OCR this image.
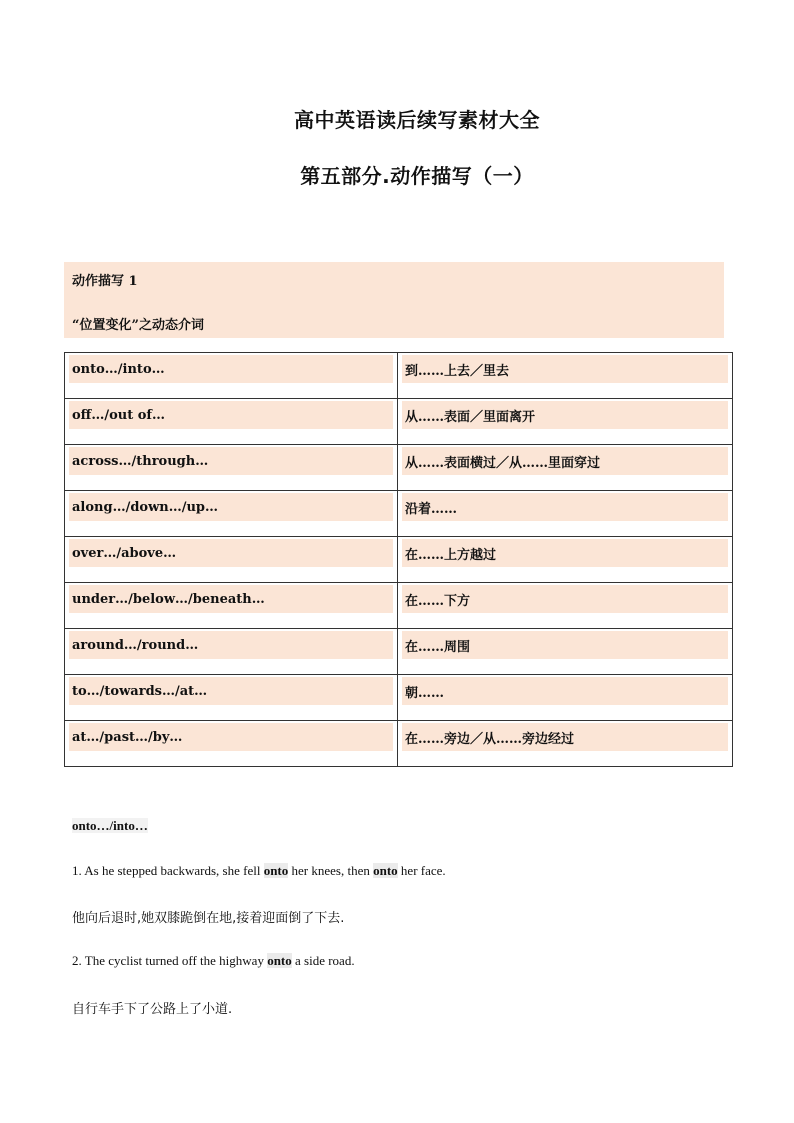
高中英语读后续写素材大全
第五部分.动作描写（一）
动作描写 1
“位置变化”之动态介词
onto…/into…	到……上去／里去

off…/out of…	从……表面／里面离开

across…/through…	从……表面横过／从……里面穿过

along…/down…/up…	沿着……

over…/above…	在……上方越过

under…/below…/beneath…	在……下方

around…/round…	在……周围

to…/towards…/at…	朝……

at…/past…/by…	在……旁边／从……旁边经过

onto…/into…

1. As he stepped backwards, she fell onto her knees, then onto her face.

他向后退时,她双膝跪倒在地,接着迎面倒了下去.

2. The cyclist turned off the highway onto a side road.

自行车手下了公路上了小道.
